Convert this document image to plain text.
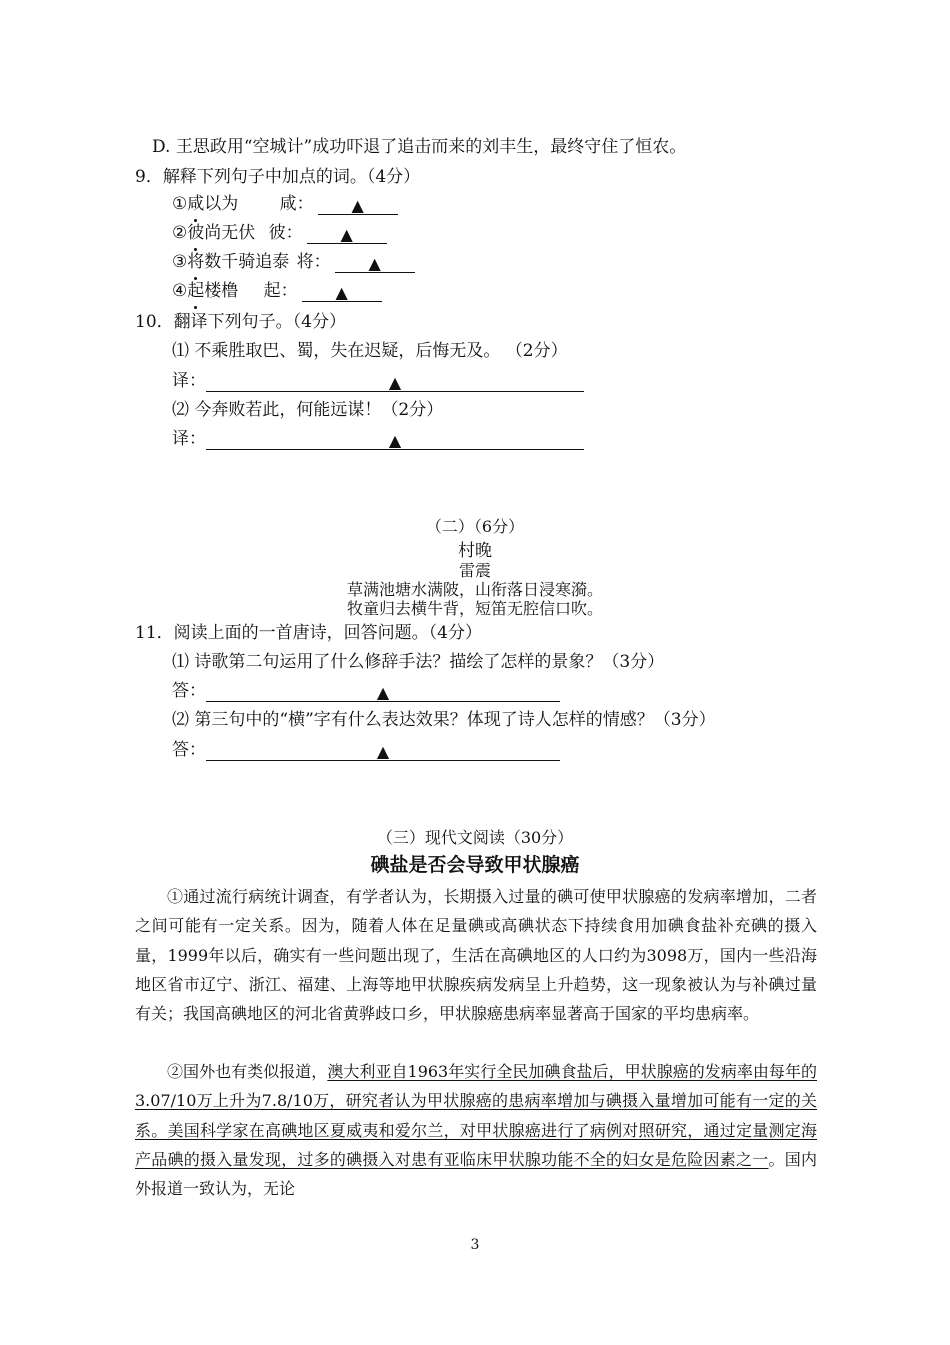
D. 王思政用“空城计”成功吓退了追击而来的刘丰生，最终守住了恒农。
9．解释下列句子中加点的词。（4分）
①咸以为 咸： ▲
②彼尚无伏 彼： ▲
③将数千骑追泰 将： ▲
④起楼橹 起： ▲
10．翻译下列句子。（4分）
⑴ 不乘胜取巴、蜀，失在迟疑，后悔无及。 （2分）
译：	▲
⑵ 今奔败若此，何能远谋！（2分）
译：	▲
（二）（6分）
村晚
雷震
草满池塘水满陂，山衔落日浸寒漪。
牧童归去横牛背，短笛无腔信口吹。
11．阅读上面的一首唐诗，回答问题。（4分）
⑴ 诗歌第二句运用了什么修辞手法？描绘了怎样的景象？（3分）
答：	▲
⑵ 第三句中的“横”字有什么表达效果？体现了诗人怎样的情感？（3分）
答：	▲
（三）现代文阅读（30分）
碘盐是否会导致甲状腺癌
①通过流行病统计调查，有学者认为，长期摄入过量的碘可使甲状腺癌的发病率增加，二者之间可能有一定关系。因为，随着人体在足量碘或高碘状态下持续食用加碘食盐补充碘的摄入量，1999年以后，确实有一些问题出现了，生活在高碘地区的人口约为3098万，国内一些沿海地区省市辽宁、浙江、福建、上海等地甲状腺疾病发病呈上升趋势，这一现象被认为与补碘过量有关；我国高碘地区的河北省黄骅歧口乡，甲状腺癌患病率显著高于国家的平均患病率。
②国外也有类似报道，澳大利亚自1963年实行全民加碘食盐后，甲状腺癌的发病率由每年的3.07/10万上升为7.8/10万，研究者认为甲状腺癌的患病率增加与碘摄入量增加可能有一定的关系。美国科学家在高碘地区夏威夷和爱尔兰，对甲状腺癌进行了病例对照研究，通过定量测定海产品碘的摄入量发现，过多的碘摄入对患有亚临床甲状腺功能不全的妇女是危险因素之一。国内外报道一致认为，无论
3
